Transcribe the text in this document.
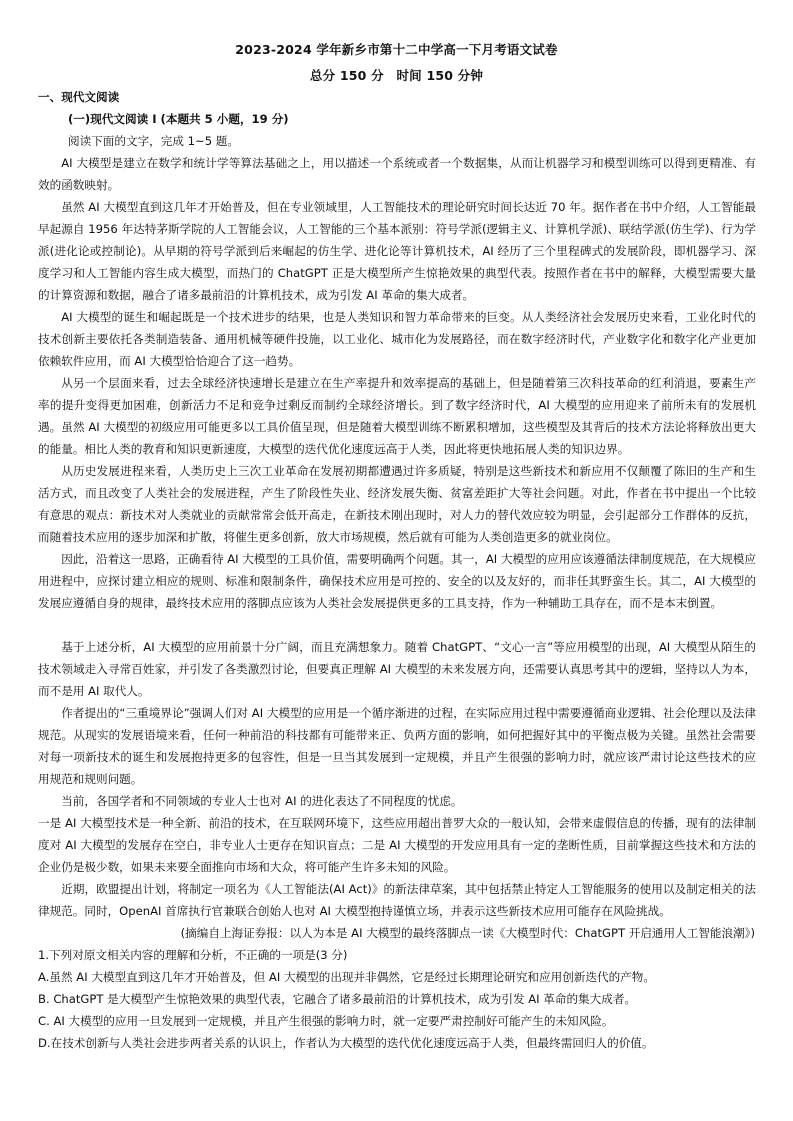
2023-2024 学年新乡市第十二中学高一下月考语文试卷
总分 150 分　时间 150 分钟
一、现代文阅读
(一)现代文阅读 I (本题共 5 小题，19 分)
阅读下面的文字，完成 1~5 题。
AI 大模型是建立在数学和统计学等算法基础之上，用以描述一个系统或者一个数据集，从而让机器学习和模型训练可以得到更精准、有效的函数映射。
虽然 AI 大模型直到这几年才开始普及，但在专业领域里，人工智能技术的理论研究时间长达近 70 年。据作者在书中介绍，人工智能最早起源自 1956 年达特茅斯学院的人工智能会议，人工智能的三个基本派别：符号学派(逻辑主义、计算机学派)、联结学派(仿生学)、行为学派(进化论或控制论)。从早期的符号学派到后来崛起的仿生学、进化论等计算机技术，AI 经历了三个里程碑式的发展阶段，即机器学习、深度学习和人工智能内容生成大模型，而热门的 ChatGPT 正是大模型所产生惊艳效果的典型代表。按照作者在书中的解释，大模型需要大量的计算资源和数据，融合了诸多最前沿的计算机技术，成为引发 AI 革命的集大成者。
AI 大模型的诞生和崛起既是一个技术进步的结果，也是人类知识和智力革命带来的巨变。从人类经济社会发展历史来看，工业化时代的技术创新主要依托各类制造装备、通用机械等硬件投施，以工业化、城市化为发展路径，而在数字经济时代，产业数字化和数字化产业更加依赖软件应用，而 AI 大模型恰恰迎合了这一趋势。
从另一个层面来看，过去全球经济快速增长是建立在生产率提升和效率提高的基础上，但是随着第三次科技革命的红利消退，要素生产率的提升变得更加困难，创新活力不足和竞争过剩反而制约全球经济增长。到了数字经济时代，AI 大模型的应用迎来了前所未有的发展机遇。虽然 AI 大模型的初级应用可能更多以工具价值呈现，但是随着大模型训练不断累积增加，这些模型及其背后的技术方法论将释放出更大的能量。相比人类的教育和知识更新速度，大模型的迭代优化速度远高于人类，因此将更快地拓展人类的知识边界。
从历史发展进程来看，人类历史上三次工业革命在发展初期都遭遇过许多质疑，特别是这些新技术和新应用不仅颠覆了陈旧的生产和生活方式，而且改变了人类社会的发展进程，产生了阶段性失业、经济发展失衡、贫富差距扩大等社会问题。对此，作者在书中提出一个比较有意思的观点：新技术对人类就业的贡献常常会低开高走，在新技术刚出现时，对人力的替代效应较为明显，会引起部分工作群体的反抗，而随着技术应用的逐步加深和扩散，将催生更多创新，放大市场规模，然后就有可能为人类创造更多的就业岗位。
因此，沿着这一思路，正确看待 AI 大模型的工具价值，需要明确两个问题。其一，AI 大模型的应用应该遵循法律制度规范，在大规模应用进程中，应探讨建立相应的规则、标准和限制条件，确保技术应用是可控的、安全的以及友好的，而非任其野蛮生长。其二，AI 大模型的发展应遵循自身的规律，最终技术应用的落脚点应该为人类社会发展提供更多的工具支持，作为一种辅助工具存在，而不是本末倒置。
基于上述分析，AI 大模型的应用前景十分广阔，而且充满想象力。随着 ChatGPT、“文心一言”等应用模型的出现，AI 大模型从陌生的技术领域走入寻常百姓家，并引发了各类激烈讨论，但要真正理解 AI 大模型的未来发展方向，还需要认真思考其中的逻辑，坚持以人为本，而不是用 AI 取代人。
作者提出的“三重境界论”强调人们对 AI 大模型的应用是一个循序渐进的过程，在实际应用过程中需要遵循商业逻辑、社会伦理以及法律规范。从现实的发展语境来看，任何一种前沿的科技都有可能带来正、负两方面的影响，如何把握好其中的平衡点极为关键。虽然社会需要对每一项新技术的诞生和发展抱持更多的包容性，但是一旦当其发展到一定规模，并且产生很强的影响力时，就应该严肃讨论这些技术的应用规范和规则问题。
当前，各国学者和不同领域的专业人士也对 AI 的进化表达了不同程度的忧虑。
一是 AI 大模型技术是一种全新、前沿的技术，在互联网环境下，这些应用超出普罗大众的一般认知，会带来虚假信息的传播，现有的法律制度对 AI 大模型的发展存在空白，非专业人士更存在知识盲点；二是 AI 大模型的开发应用具有一定的垄断性质，目前掌握这些技术和方法的企业仍是极少数，如果未来要全面推向市场和大众，将可能产生许多未知的风险。
近期，欧盟提出计划，将制定一项名为《人工智能法(AI Act)》的新法律草案，其中包括禁止特定人工智能服务的使用以及制定相关的法律规范。同时，OpenAI 首席执行官兼联合创始人也对 AI 大模型抱持谨慎立场，并表示这些新技术应用可能存在风险挑战。
(摘编自上海证券报：以人为本是 AI 大模型的最终落脚点一读《大模型时代：ChatGPT 开启通用人工智能浪潮》)
1.下列对原文相关内容的理解和分析，不正确的一项是(3 分)
A.虽然 AI 大模型直到这几年才开始普及，但 AI 大模型的出现并非偶然，它是经过长期理论研究和应用创新迭代的产物。
B. ChatGPT 是大模型产生惊艳效果的典型代表，它融合了诸多最前沿的计算机技术，成为引发 AI 革命的集大成者。
C. AI 大模型的应用一旦发展到一定规模，并且产生很强的影响力时，就一定要严肃控制好可能产生的未知风险。
D.在技术创新与人类社会进步两者关系的认识上，作者认为大模型的迭代优化速度远高于人类，但最终需回归人的价值。
